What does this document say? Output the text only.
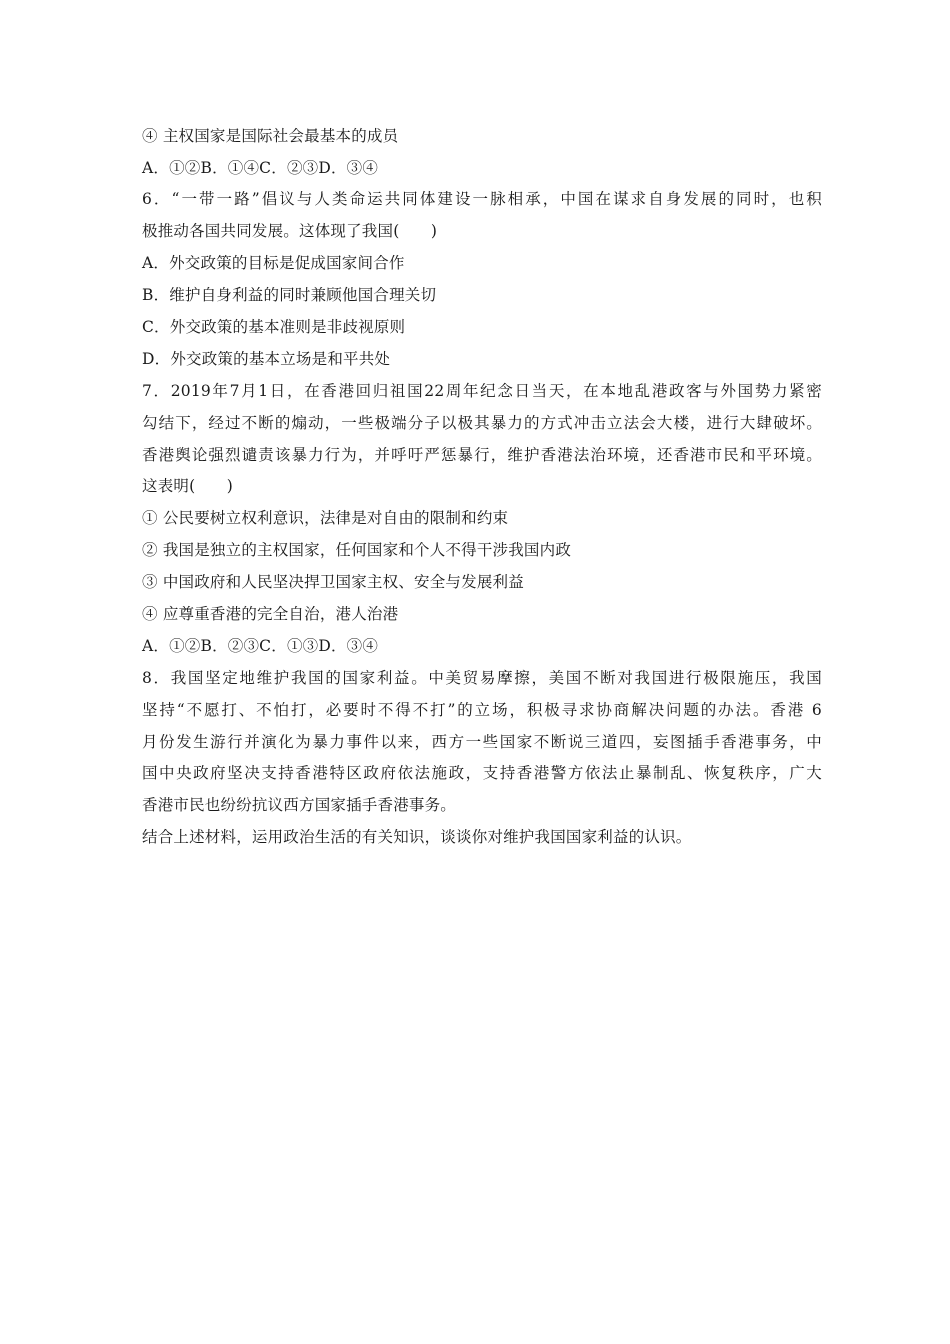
④ 主权国家是国际社会最基本的成员
A．①②B．①④C．②③D．③④
6．“一带一路”倡议与人类命运共同体建设一脉相承，中国在谋求自身发展的同时，也积
极推动各国共同发展。这体现了我国(　　)
A．外交政策的目标是促成国家间合作
B．维护自身利益的同时兼顾他国合理关切
C．外交政策的基本准则是非歧视原则
D．外交政策的基本立场是和平共处
7．2019年7月1日，在香港回归祖国22周年纪念日当天，在本地乱港政客与外国势力紧密
勾结下，经过不断的煽动，一些极端分子以极其暴力的方式冲击立法会大楼，进行大肆破坏。
香港舆论强烈谴责该暴力行为，并呼吁严惩暴行，维护香港法治环境，还香港市民和平环境。
这表明(　　)
① 公民要树立权利意识，法律是对自由的限制和约束
② 我国是独立的主权国家，任何国家和个人不得干涉我国内政
③ 中国政府和人民坚决捍卫国家主权、安全与发展利益
④ 应尊重香港的完全自治，港人治港
A．①②B．②③C．①③D．③④
8．我国坚定地维护我国的国家利益。中美贸易摩擦，美国不断对我国进行极限施压，我国
坚持“不愿打、不怕打，必要时不得不打”的立场，积极寻求协商解决问题的办法。香港 6
月份发生游行并演化为暴力事件以来，西方一些国家不断说三道四，妄图插手香港事务，中
国中央政府坚决支持香港特区政府依法施政，支持香港警方依法止暴制乱、恢复秩序，广大
香港市民也纷纷抗议西方国家插手香港事务。
结合上述材料，运用政治生活的有关知识，谈谈你对维护我国国家利益的认识。
